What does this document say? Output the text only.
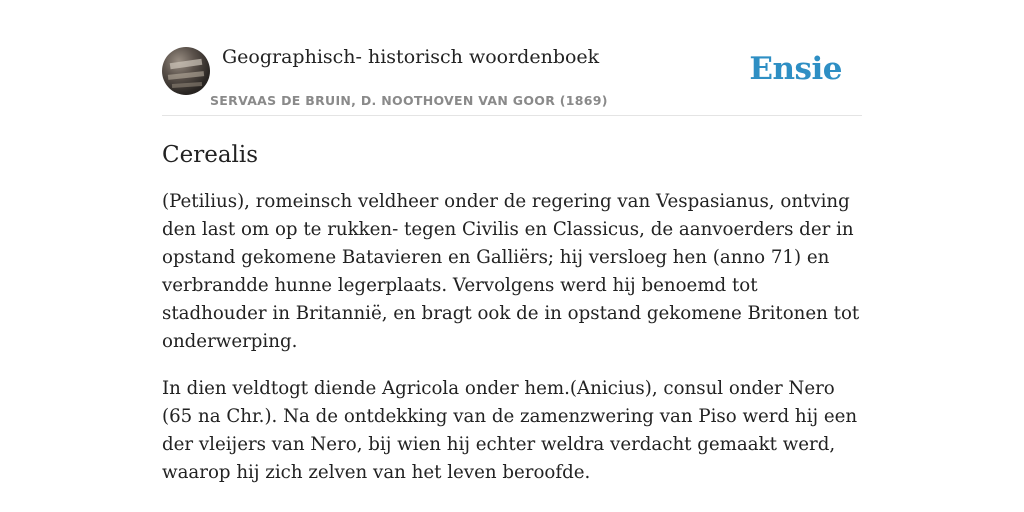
Geographisch- historisch woordenboek
SERVAAS DE BRUIN, D. NOOTHOVEN VAN GOOR (1869)
Ensie
Cerealis

(Petilius), romeinsch veldheer onder de regering van Vespasianus, ontving den last om op te rukken- tegen Civilis en Classicus, de aanvoerders der in opstand gekomene Batavieren en Galliërs; hij versloeg hen (anno 71) en verbrandde hunne legerplaats. Vervolgens werd hij benoemd tot stadhouder in Britannië, en bragt ook de in opstand gekomene Britonen tot onderwerping.

In dien veldtogt diende Agricola onder hem.(Anicius), consul onder Nero (65 na Chr.). Na de ontdekking van de zamenzwering van Piso werd hij een der vleijers van Nero, bij wien hij echter weldra verdacht gemaakt werd, waarop hij zich zelven van het leven beroofde.
